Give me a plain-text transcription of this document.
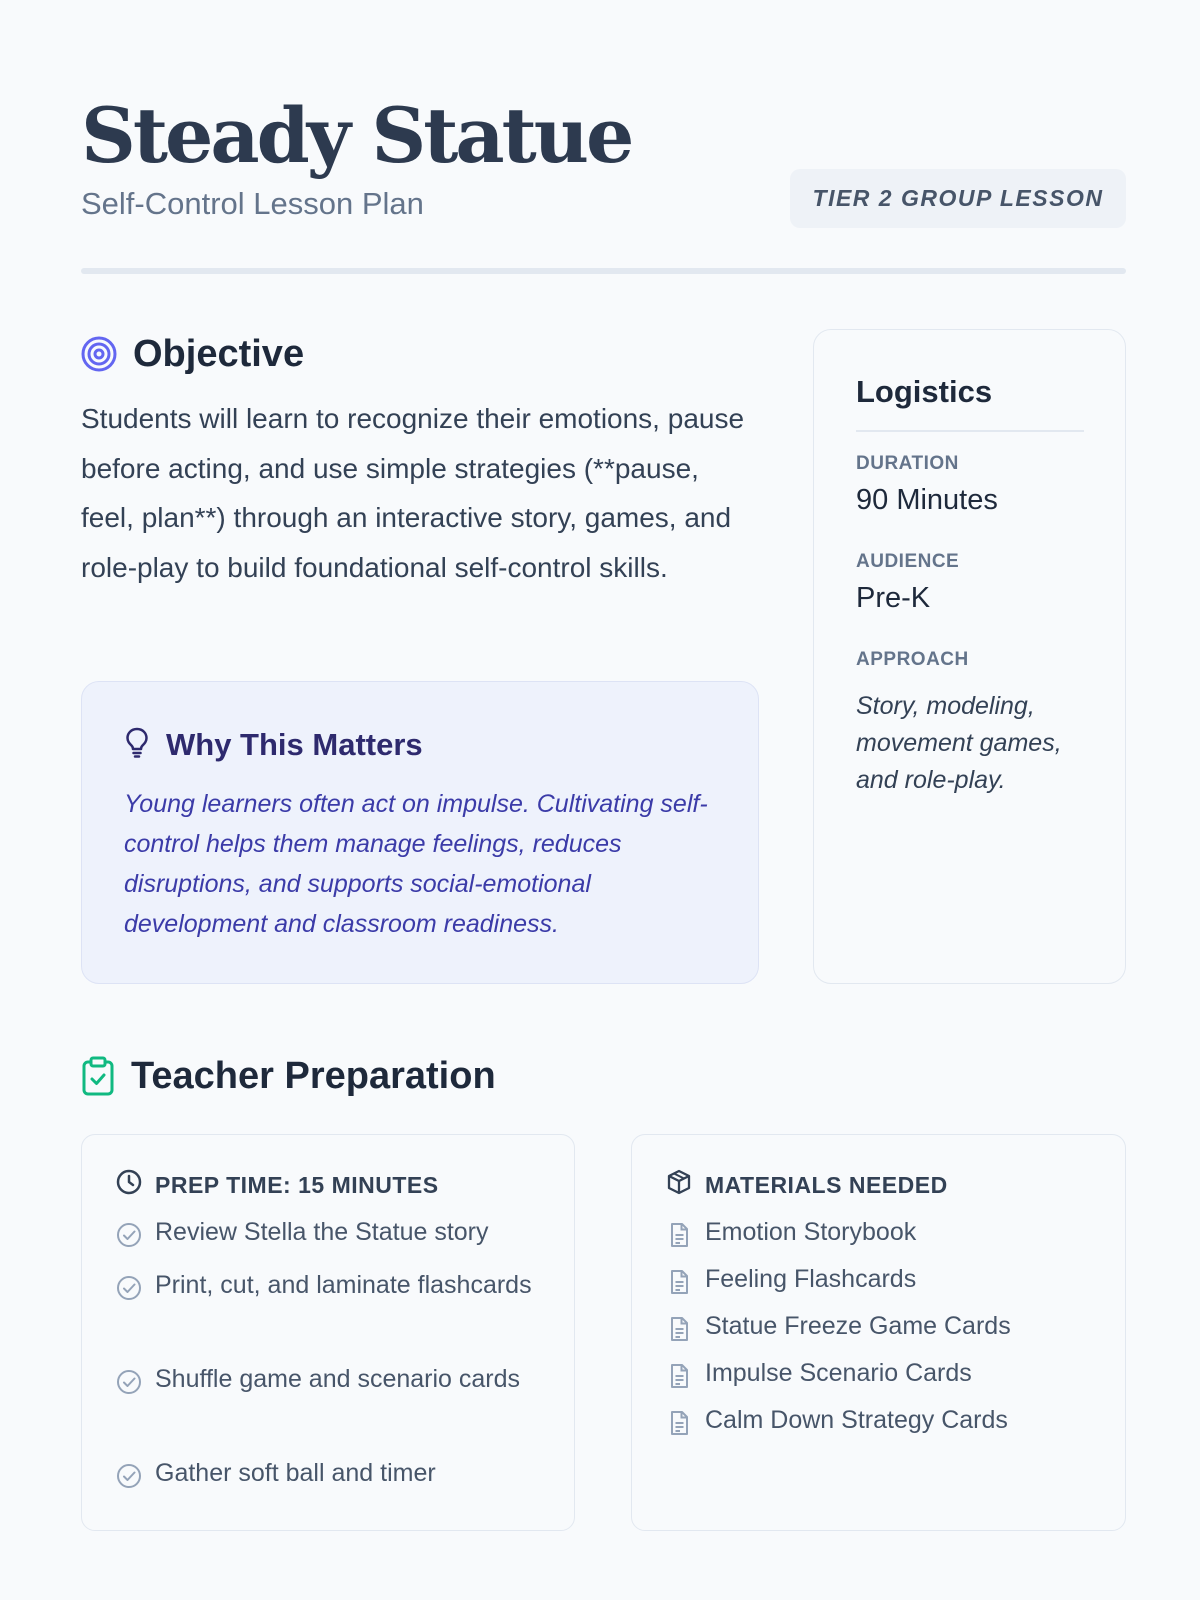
Steady Statue
Self-Control Lesson Plan	TIER 2 GROUP LESSON
Objective

Students will learn to recognize their emotions, pause before acting, and use simple strategies (**pause, feel, plan**) through an interactive story, games, and role-play to build foundational self-control skills.

Why This Matters

Young learners often act on impulse. Cultivating self-control helps them manage feelings, reduces disruptions, and supports social-emotional development and classroom readiness.

Logistics
DURATION
90 Minutes
AUDIENCE
Pre-K
APPROACH
Story, modeling, movement games, and role-play.
Teacher Preparation
PREP TIME: 15 MINUTES
Review Stella the Statue story
Print, cut, and laminate flashcards
Shuffle game and scenario cards
Gather soft ball and timer
MATERIALS NEEDED
Emotion Storybook
Feeling Flashcards
Statue Freeze Game Cards
Impulse Scenario Cards
Calm Down Strategy Cards
